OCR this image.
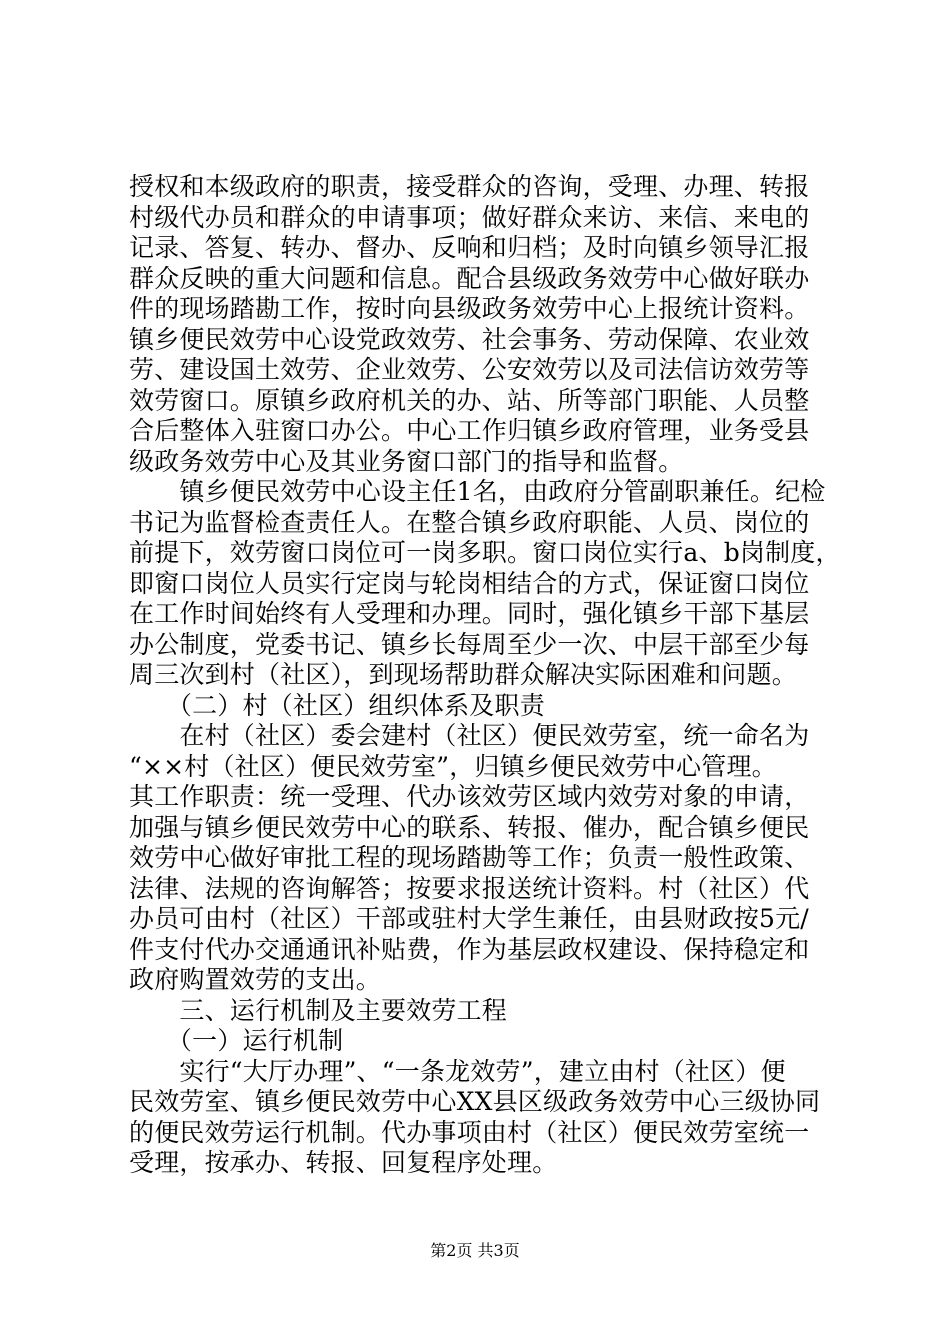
授权和本级政府的职责，接受群众的咨询，受理、办理、转报
村级代办员和群众的申请事项；做好群众来访、来信、来电的
记录、答复、转办、督办、反响和归档；及时向镇乡领导汇报
群众反映的重大问题和信息。配合县级政务效劳中心做好联办
件的现场踏勘工作，按时向县级政务效劳中心上报统计资料。
镇乡便民效劳中心设党政效劳、社会事务、劳动保障、农业效
劳、建设国土效劳、企业效劳、公安效劳以及司法信访效劳等
效劳窗口。原镇乡政府机关的办、站、所等部门职能、人员整
合后整体入驻窗口办公。中心工作归镇乡政府管理，业务受县
级政务效劳中心及其业务窗口部门的指导和监督。
　　镇乡便民效劳中心设主任1名，由政府分管副职兼任。纪检
书记为监督检查责任人。在整合镇乡政府职能、人员、岗位的
前提下，效劳窗口岗位可一岗多职。窗口岗位实行a、b岗制度，
即窗口岗位人员实行定岗与轮岗相结合的方式，保证窗口岗位
在工作时间始终有人受理和办理。同时，强化镇乡干部下基层
办公制度，党委书记、镇乡长每周至少一次、中层干部至少每
周三次到村（社区），到现场帮助群众解决实际困难和问题。
　　（二）村（社区）组织体系及职责
　　在村（社区）委会建村（社区）便民效劳室，统一命名为
“××村（社区）便民效劳室”，归镇乡便民效劳中心管理。
其工作职责：统一受理、代办该效劳区域内效劳对象的申请，
加强与镇乡便民效劳中心的联系、转报、催办，配合镇乡便民
效劳中心做好审批工程的现场踏勘等工作；负责一般性政策、
法律、法规的咨询解答；按要求报送统计资料。村（社区）代
办员可由村（社区）干部或驻村大学生兼任，由县财政按5元/
件支付代办交通通讯补贴费，作为基层政权建设、保持稳定和
政府购置效劳的支出。
　　三、运行机制及主要效劳工程
　　（一）运行机制
　　实行“大厅办理”、“一条龙效劳”，建立由村（社区）便
民效劳室、镇乡便民效劳中心XX县区级政务效劳中心三级协同
的便民效劳运行机制。代办事项由村（社区）便民效劳室统一
受理，按承办、转报、回复程序处理。
第2页 共3页
